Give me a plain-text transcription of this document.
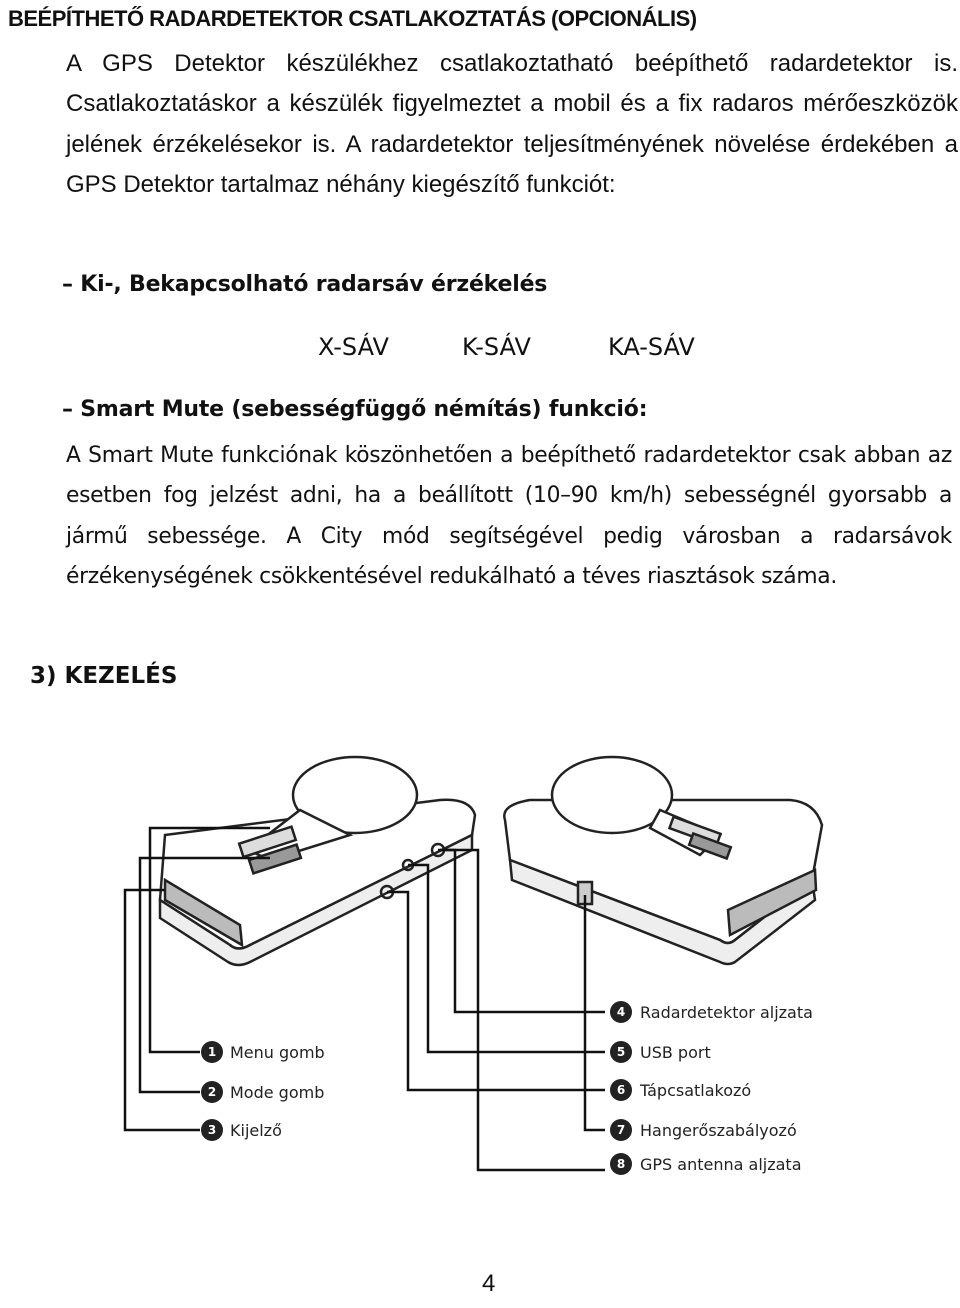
BEÉPÍTHETŐ RADARDETEKTOR CSATLAKOZTATÁS (OPCIONÁLIS)
A GPS Detektor készülékhez csatlakoztatható beépíthető radardetektor is. Csatlakoztatáskor a készülék figyelmeztet a mobil és a fix radaros mérőeszközök jelének érzékelésekor is. A radardetektor teljesítményének növelése érdekében a GPS Detektor tartalmaz néhány kiegészítő funkciót:
– Ki-, Bekapcsolható radarsáv érzékelés
X-SÁV	K-SÁV	KA-SÁV
– Smart Mute (sebességfüggő némítás) funkció:
A Smart Mute funkciónak köszönhetően a beépíthető radardetektor csak abban az esetben fog jelzést adni, ha a beállított (10–90 km/h) sebességnél gyorsabb a jármű sebessége. A City mód segítségével pedig városban a radarsávok érzékenységének csökkentésével redukálható a téves riasztások száma.
3) KEZELÉS
1 Menu gomb
2 Mode gomb
3 Kijelző
4 Radardetektor aljzata
5 USB port
6 Tápcsatlakozó
7 Hangerőszabályozó
8 GPS antenna aljzata
4
